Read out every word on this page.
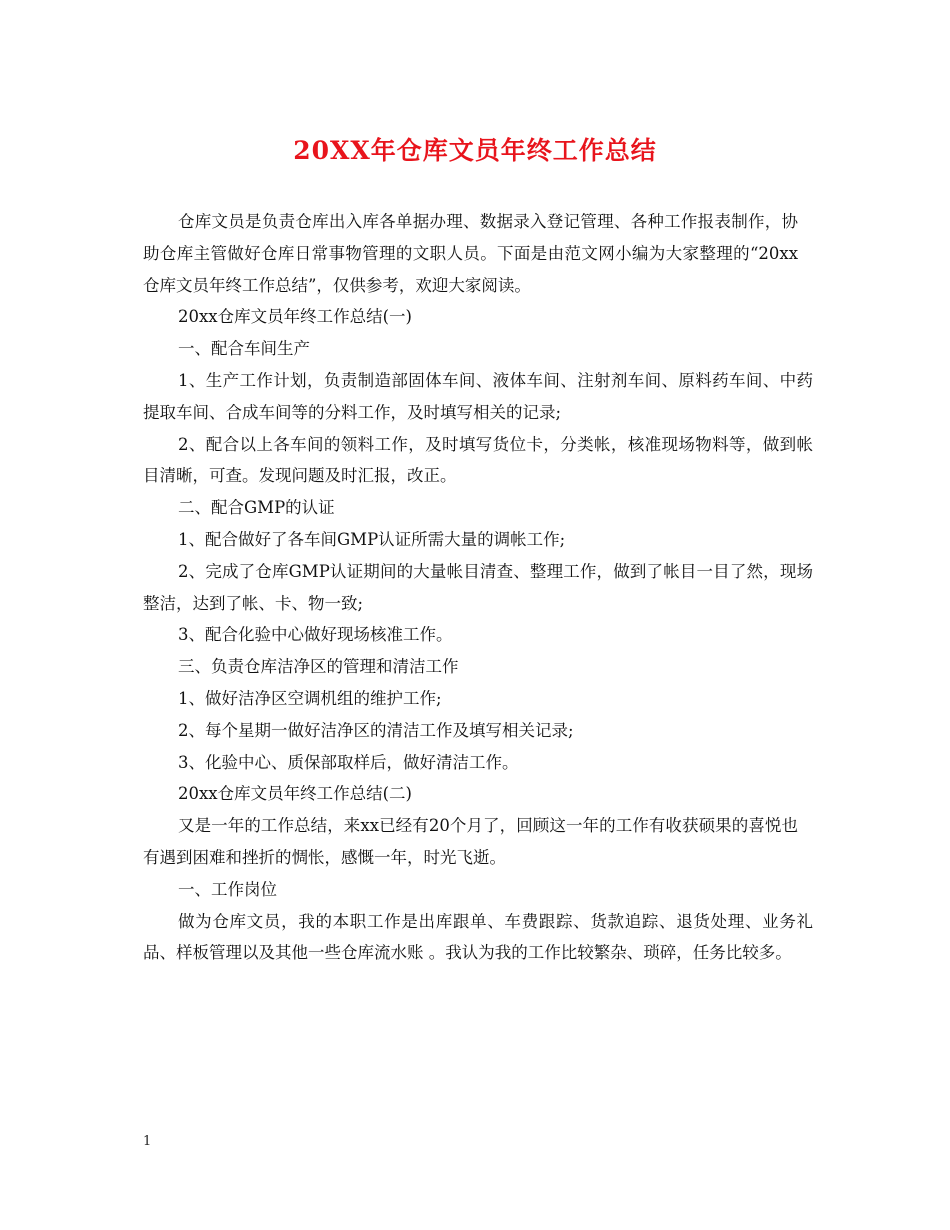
20XX年仓库文员年终工作总结

仓库文员是负责仓库出入库各单据办理、数据录入登记管理、各种工作报表制作，协助仓库主管做好仓库日常事物管理的文职人员。下面是由范文网小编为大家整理的“20xx仓库文员年终工作总结”，仅供参考，欢迎大家阅读。

20xx仓库文员年终工作总结(一)

一、配合车间生产

1、生产工作计划，负责制造部固体车间、液体车间、注射剂车间、原料药车间、中药提取车间、合成车间等的分料工作，及时填写相关的记录;

2、配合以上各车间的领料工作，及时填写货位卡，分类帐，核准现场物料等，做到帐目清晰，可查。发现问题及时汇报，改正。

二、配合GMP的认证

1、配合做好了各车间GMP认证所需大量的调帐工作;

2、完成了仓库GMP认证期间的大量帐目清查、整理工作，做到了帐目一目了然，现场整洁，达到了帐、卡、物一致;

3、配合化验中心做好现场核准工作。

三、负责仓库洁净区的管理和清洁工作

1、做好洁净区空调机组的维护工作;

2、每个星期一做好洁净区的清洁工作及填写相关记录;

3、化验中心、质保部取样后，做好清洁工作。

20xx仓库文员年终工作总结(二)

又是一年的工作总结，来xx已经有20个月了，回顾这一年的工作有收获硕果的喜悦也有遇到困难和挫折的惆怅，感慨一年，时光飞逝。

一、工作岗位

做为仓库文员，我的本职工作是出库跟单、车费跟踪、货款追踪、退货处理、业务礼品、样板管理以及其他一些仓库流水账 。我认为我的工作比较繁杂、琐碎，任务比较多。

1
